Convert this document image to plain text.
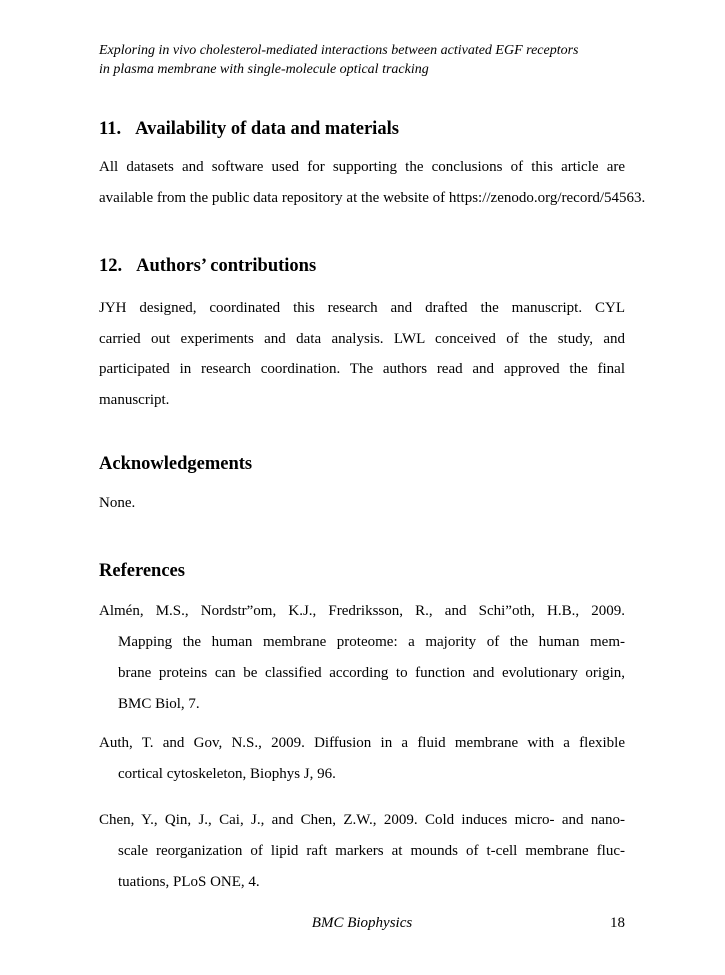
Exploring in vivo cholesterol-mediated interactions between activated EGF receptors
in plasma membrane with single-molecule optical tracking
11. Availability of data and materials
All datasets and software used for supporting the conclusions of this article are
available from the public data repository at the website of https://zenodo.org/record/54563.
12. Authors’ contributions
JYH designed, coordinated this research and drafted the manuscript. CYL
carried out experiments and data analysis. LWL conceived of the study, and
participated in research coordination. The authors read and approved the final
manuscript.
Acknowledgements
None.
References
Almén, M.S., Nordstr”om, K.J., Fredriksson, R., and Schi”oth, H.B., 2009.
Mapping the human membrane proteome: a majority of the human mem-
brane proteins can be classified according to function and evolutionary origin,
BMC Biol, 7.
Auth, T. and Gov, N.S., 2009. Diffusion in a fluid membrane with a flexible
cortical cytoskeleton, Biophys J, 96.
Chen, Y., Qin, J., Cai, J., and Chen, Z.W., 2009. Cold induces micro- and nano-
scale reorganization of lipid raft markers at mounds of t-cell membrane fluc-
tuations, PLoS ONE, 4.
BMC Biophysics	18
